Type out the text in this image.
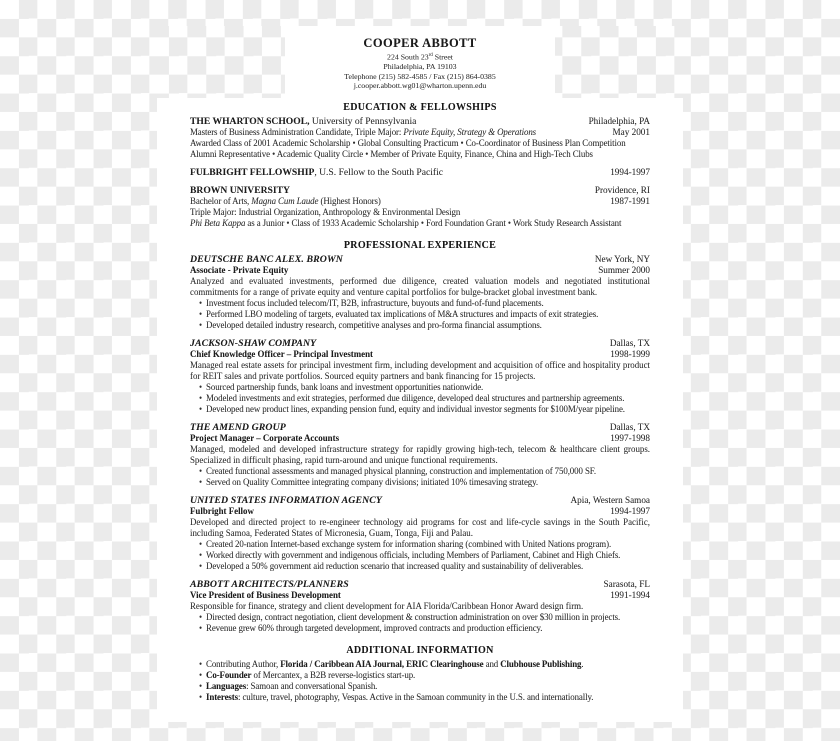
COOPER ABBOTT
224 South 23rd Street
Philadelphia, PA 19103
Telephone (215) 582-4585 / Fax (215) 864-0385
j.cooper.abbott.wg01@wharton.upenn.edu
EDUCATION & FELLOWSHIPS
THE WHARTON SCHOOL, University of Pennsylvania	Philadelphia, PA
Masters of Business Administration Candidate, Triple Major: Private Equity, Strategy & Operations	May 2001
Awarded Class of 2001 Academic Scholarship • Global Consulting Practicum • Co-Coordinator of Business Plan Competition
Alumni Representative • Academic Quality Circle • Member of Private Equity, Finance, China and High-Tech Clubs
FULBRIGHT FELLOWSHIP, U.S. Fellow to the South Pacific	1994-1997
BROWN UNIVERSITY	Providence, RI
Bachelor of Arts, Magna Cum Laude (Highest Honors)	1987-1991
Triple Major: Industrial Organization, Anthropology & Environmental Design
Phi Beta Kappa as a Junior • Class of 1933 Academic Scholarship • Ford Foundation Grant • Work Study Research Assistant
PROFESSIONAL EXPERIENCE
DEUTSCHE BANC ALEX. BROWN	New York, NY
Associate - Private Equity	Summer 2000
Analyzed and evaluated investments, performed due diligence, created valuation models and negotiated institutional commitments for a range of private equity and venture capital portfolios for bulge-bracket global investment bank.
• Investment focus included telecom/IT, B2B, infrastructure, buyouts and fund-of-fund placements.
• Performed LBO modeling of targets, evaluated tax implications of M&A structures and impacts of exit strategies.
• Developed detailed industry research, competitive analyses and pro-forma financial assumptions.
JACKSON-SHAW COMPANY	Dallas, TX
Chief Knowledge Officer – Principal Investment	1998-1999
Managed real estate assets for principal investment firm, including development and acquisition of office and hospitality product for REIT sales and private portfolios. Sourced equity partners and bank financing for 15 projects.
• Sourced partnership funds, bank loans and investment opportunities nationwide.
• Modeled investments and exit strategies, performed due diligence, developed deal structures and partnership agreements.
• Developed new product lines, expanding pension fund, equity and individual investor segments for $100M/year pipeline.
THE AMEND GROUP	Dallas, TX
Project Manager – Corporate Accounts	1997-1998
Managed, modeled and developed infrastructure strategy for rapidly growing high-tech, telecom & healthcare client groups. Specialized in difficult phasing, rapid turn-around and unique functional requirements.
• Created functional assessments and managed physical planning, construction and implementation of 750,000 SF.
• Served on Quality Committee integrating company divisions; initiated 10% timesaving strategy.
UNITED STATES INFORMATION AGENCY	Apia, Western Samoa
Fulbright Fellow	1994-1997
Developed and directed project to re-engineer technology aid programs for cost and life-cycle savings in the South Pacific, including Samoa, Federated States of Micronesia, Guam, Tonga, Fiji and Palau.
• Created 20-nation Internet-based exchange system for information sharing (combined with United Nations program).
• Worked directly with government and indigenous officials, including Members of Parliament, Cabinet and High Chiefs.
• Developed a 50% government aid reduction scenario that increased quality and sustainability of deliverables.
ABBOTT ARCHITECTS/PLANNERS	Sarasota, FL
Vice President of Business Development	1991-1994
Responsible for finance, strategy and client development for AIA Florida/Caribbean Honor Award design firm.
• Directed design, contract negotiation, client development & construction administration on over $30 million in projects.
• Revenue grew 60% through targeted development, improved contracts and production efficiency.
ADDITIONAL INFORMATION
• Contributing Author, Florida / Caribbean AIA Journal, ERIC Clearinghouse and Clubhouse Publishing.
• Co-Founder of Mercantex, a B2B reverse-logistics start-up.
• Languages: Samoan and conversational Spanish.
• Interests: culture, travel, photography, Vespas. Active in the Samoan community in the U.S. and internationally.
